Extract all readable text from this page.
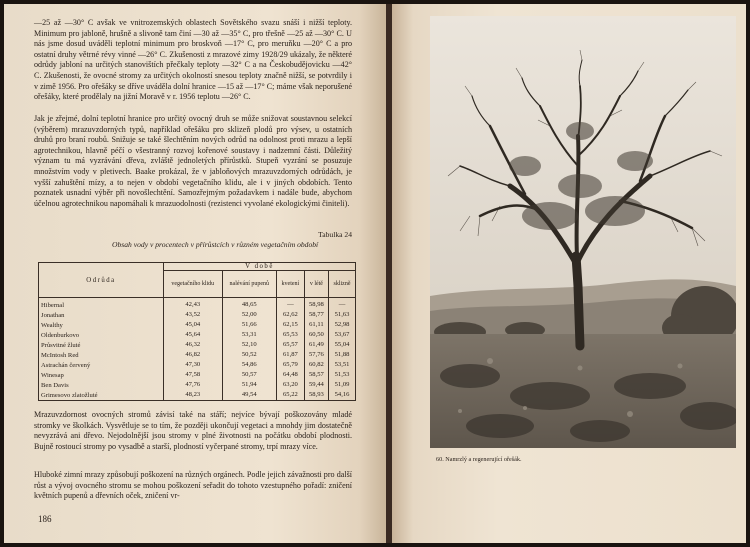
—25 až —30° C avšak ve vnitrozemských oblastech Sovětského svazu snáší i nižší teploty. Minimum pro jabloně, hrušně a slivoně tam činí —30 až —35° C, pro třešně —25 až —30° C. U nás jsme dosud uváděli teplotní minimum pro broskvoň —17° C, pro meruňku —20° C a pro ostatní druhy větrné révy vinné —26° C. Zkušenosti z mrazové zimy 1928/29 ukázaly, že některé odrůdy jabloní na určitých stanovištích přečkaly teploty —32° C a na Českobudějovicku —42° C. Zkušenosti, že ovocné stromy za určitých okolností snesou teploty značně nižší, se potvrdily i v zimě 1956. Pro ořešáky se dříve uváděla dolní hranice —15 až —17° C; máme však neporušené ořešáky, které prodělaly na jižní Moravě v r. 1956 teplotu —26° C.

Jak je zřejmé, dolní teplotní hranice pro určitý ovocný druh se může snižovat soustavnou selekcí (výběrem) mrazuvzdorných typů, například ořešáku pro sklizeň plodů pro výsev, u ostatních druhů pro braní roubů. Snižuje se také šlechtěním nových odrůd na odolnost proti mrazu a lepší agrotechnikou, hlavně péčí o všestranný rozvoj kořenové soustavy i nadzemní části. Důležitý význam tu má vyzrávání dřeva, zvláště jednoletých přírůstků. Stupeň vyzrání se posuzuje množstvím vody v pletivech. Baake prokázal, že v jabloňových mrazuvzdorných odrůdách, je vyšší zahuštění mízy, a to nejen v období vegetačního klidu, ale i v jiných obdobích. Tento poznatek usnadní výběr při novošlechtění. Samozřejmým požadavkem i nadále bude, abychom účelnou agrotechnikou napomáhali k mrazuodolnosti (rezistenci vyvolané ekologickými činiteli).

Tabulka 24

Obsah vody v procentech v přírůstcích v různém vegetačním období

Odrůda	V době				
	vegetačního klidu	nalévání pupenů	kvetení	v létě	sklizně
Hibernal	42,43	48,65	—	58,98	—
Jonathan	43,52	52,00	62,62	58,77	51,63
Wealthy	45,04	51,66	62,15	61,11	52,98
Oldenburkovo	45,64	53,31	65,53	60,50	53,67
Průsvitné žluté	46,32	52,10	65,57	61,49	55,04
McIntosh Red	46,82	50,52	61,87	57,76	51,88
Astrachán červený	47,30	54,86	65,79	60,82	53,51
Winesap	47,58	50,57	64,48	58,57	51,53
Ben Davis	47,76	51,94	63,20	59,44	51,09
Grimesovo zlatožluté	48,23	49,54	65,22	58,93	54,16

Mrazuvzdornost ovocných stromů závisí také na stáří; nejvíce bývají poškozovány mladé stromky ve školkách. Vysvětluje se to tím, že později ukončují vegetaci a mnohdy jim dostatečně nevyzrává ani dřevo. Nejodolnější jsou stromy v plné životnosti na počátku období plodnosti. Bujně rostoucí stromy po vysadbě a starší, plodností vyčerpané stromy, trpí mrazy více.

Hluboké zimní mrazy způsobují poškození na různých orgánech. Podle jejich závažnosti pro další růst a vývoj ovocného stromu se mohou poškození seřadit do tohoto vzestupného pořadí: zničení květních pupenů a dřevních oček, zničení vr-

186
60. Namrzlý a regenerující ořešák.
